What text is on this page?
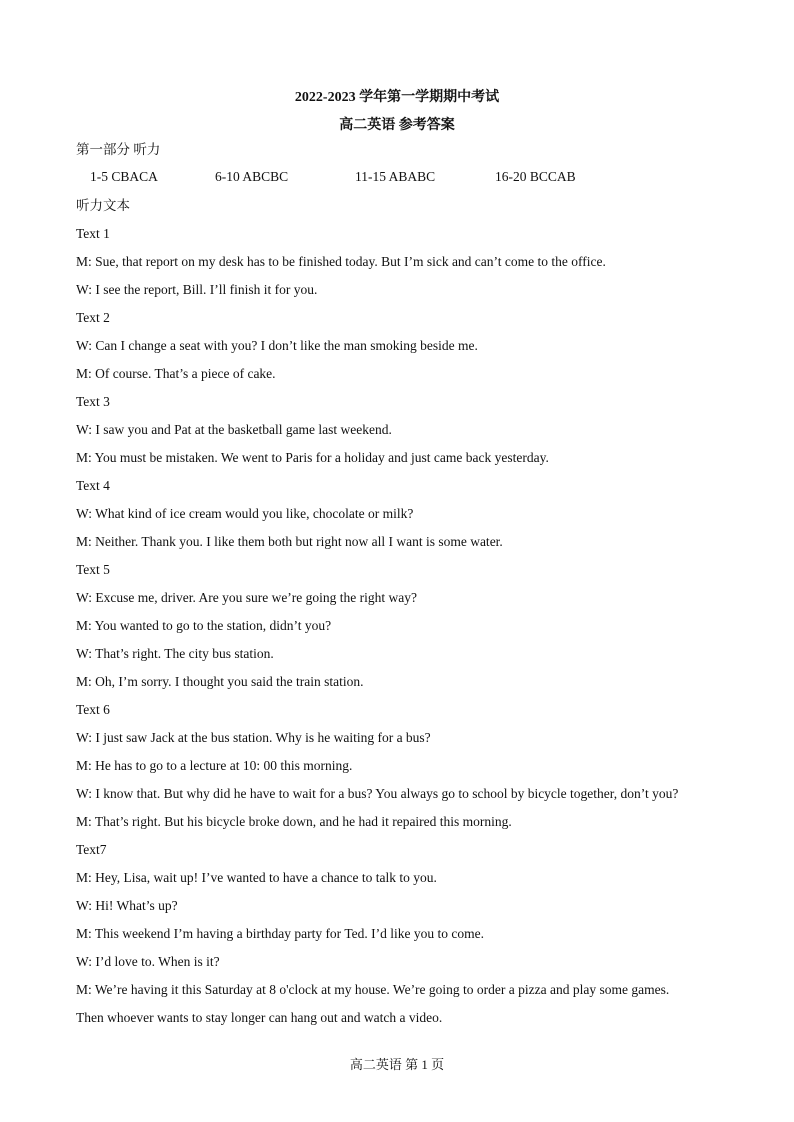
2022-2023 学年第一学期期中考试
高二英语 参考答案
第一部分 听力
1-5 CBACA	6-10 ABCBC	11-15 ABABC	16-20 BCCAB
听力文本
Text 1
M: Sue, that report on my desk has to be finished today. But I’m sick and can’t come to the office.
W: I see the report, Bill. I’ll finish it for you.
Text 2
W: Can I change a seat with you? I don’t like the man smoking beside me.
M: Of course. That’s a piece of cake.
Text 3
W: I saw you and Pat at the basketball game last weekend.
M: You must be mistaken. We went to Paris for a holiday and just came back yesterday.
Text 4
W: What kind of ice cream would you like, chocolate or milk?
M: Neither. Thank you. I like them both but right now all I want is some water.
Text 5
W: Excuse me, driver. Are you sure we’re going the right way?
M: You wanted to go to the station, didn’t you?
W: That’s right. The city bus station.
M: Oh, I’m sorry. I thought you said the train station.
Text 6
W: I just saw Jack at the bus station. Why is he waiting for a bus?
M: He has to go to a lecture at 10: 00 this morning.
W: I know that. But why did he have to wait for a bus? You always go to school by bicycle together, don’t you?
M: That’s right. But his bicycle broke down, and he had it repaired this morning.
Text7
M: Hey, Lisa, wait up! I’ve wanted to have a chance to talk to you.
W: Hi! What’s up?
M: This weekend I’m having a birthday party for Ted. I’d like you to come.
W: I’d love to. When is it?
M: We’re having it this Saturday at 8 o'clock at my house. We’re going to order a pizza and play some games.
Then whoever wants to stay longer can hang out and watch a video.
高二英语 第 1 页
